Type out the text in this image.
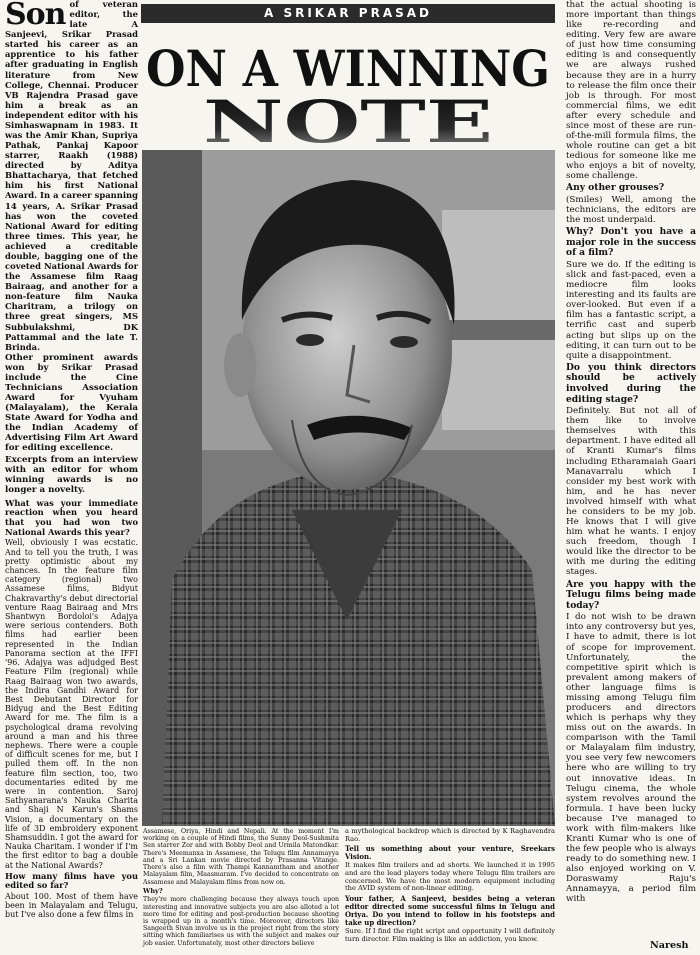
A SRIKAR PRASAD
ON A WINNING
NOTE
Son of veteran editor, the late A Sanjeevi, Srikar Prasad started his career as an apprentice to his father after graduating in English literature from New College, Chennai. Producer VB Rajendra Prasad gave him a break as an independent editor with his Simhaswapnam in 1983. It was the Amir Khan, Supriya Pathak, Pankaj Kapoor starrer, Raakh (1988) directed by Aditya Bhattacharya, that fetched him his first National Award. In a career spanning 14 years, A. Srikar Prasad has won the coveted National Award for editing three times. This year, he achieved a creditable double, bagging one of the coveted National Awards for the Assamese film Raag Bairaag, and another for a non-feature film Nauka Charitram, a trilogy on three great singers, MS Subbulakshmi, DK Pattammal and the late T. Brinda.

Other prominent awards won by Srikar Prasad include the Cine Technicians Association Award for Vyuham (Malayalam), the Kerala State Award for Yodha and the Indian Academy of Advertising Film Art Award for editing excellence.

Excerpts from an interview with an editor for whom winning awards is no longer a novelty.

What was your immediate reaction when you heard that you had won two National Awards this year?

Well, obviously I was ecstatic. And to tell you the truth, I was pretty optimistic about my chances. In the feature film category (regional) two Assamese films, Bidyut Chakravarthy's debut directorial venture Raag Bairaag and Mrs Shantwyn Bordoloi's Adajya were serious contenders. Both films had earlier been represented in the Indian Panorama section at the IFFI '96. Adajya was adjudged Best Feature Film (regional) while Raag Bairaag won two awards, the Indira Gandhi Award for Best Debutant Director for Bidyug and the Best Editing Award for me. The film is a psychological drama revolving around a man and his three nephews. There were a couple of difficult scenes for me, but I pulled them off. In the non feature film section, too, two documentaries edited by me were in contention. Saroj Sathyanarana's Nauka Charita and Shaji N Karun's Shams Vision, a documentary on the life of 3D embroidery exponent Shamsuddin. I got the award for Nauka Charitam. I wonder if I'm the first editor to bag a double at the National Awards?

How many films have you edited so far?

About 100. Most of them have been in Malayalam and Telugu, but I've also done a few films in

Assamese, Oriya, Hindi and Nepali. At the moment I'm working on a couple of Hindi films, the Sunny Deol-Sushmita Sen starrer Zor and with Bobby Deol and Urmila Matondkar. There's Meemanxa in Assamese, the Telugu film Annamayya and a Sri Lankan movie directed by Prasanna Vitange. There's also a film with Thampi Kannamtham and another Malayalam film, Maasmaram. I've decided to concentrate on Assamese and Malayalam films from now on.

Why?

They're more challenging because they always touch upon interesting and innovative subjects you are also alloted a lot more time for editing and post-production because shooting is wrapped up in a month's time. Moreover, directors like Sangeeth Sivan involve us in the project right from the story sitting which familiarises us with the subject and makes our job easier. Unfortunately, most other directors believe

that the actual shooting is more important than things like re-recording and editing. Very few are aware of just how time consuming editing is and consequently we are always rushed because they are in a hurry to release the film once their job is through. For most commercial films, we edit after every schedule and since most of these are run-of-the-mill formula films, the whole routine can get a bit tedious for someone like me who enjoys a bit of novelty, some challenge.

Any other grouses?

(Smiles) Well, among the technicians, the editors are the most underpaid.

Why? Don't you have a major role in the success of a film?

Sure we do. If the editing is slick and fast-paced, even a mediocre film looks interesting and its faults are over-looked. But even if a film has a fantastic script, a terrific cast and superb acting but slips up on the editing, it can turn out to be quite a disappointment.

Do you think directors should be actively involved during the editing stage?

Definitely. But not all of them like to involve themselves with this department. I have edited all of Kranti Kumar's films including Etharamaiah Gaari Manavarralu which I consider my best work with him, and he has never involved himself with what he considers to be my job. He knows that I will give him what he wants. I enjoy such freedom, though I would like the director to be with me during the editing stages.

Are you happy with the Telugu films being made today?

I do not wish to be drawn into any controversy but yes, I have to admit, there is lot of scope for improvement. Unfortunately, the competitive spirit which is prevalent among makers of other language films is missing among Telugu film producers and directors which is perhaps why they miss out on the awards. In comparison with the Tamil or Malayalam film industry, you see very few newcomers here who are willing to try out innovative ideas. In Telugu cinema, the whole system revolves around the formula. I have been lucky because I've managed to work with film-makers like Kranti Kumar who is one of the few people who is always ready to do something new. I also enjoyed working on V. Doraswamy Raju's Annamayya, a period film with

a mythological backdrop which is directed by K Raghavendra Rao.

Tell us something about your venture, Sreekars Vision.

It makes film trailers and ad shorts. We launched it in 1995 and are the lead players today where Telugu film trailers are concerned. We have the most modern equipment including the AVID system of non-linear editing.

Your father, A Sanjeevi, besides being a veteran editor directed some successful films in Telugu and Oriya. Do you intend to follow in his footsteps and take up direction?

Sure. If I find the right script and opportunity I will definitely turn director. Film making is like an addiction, you know.

Naresh
